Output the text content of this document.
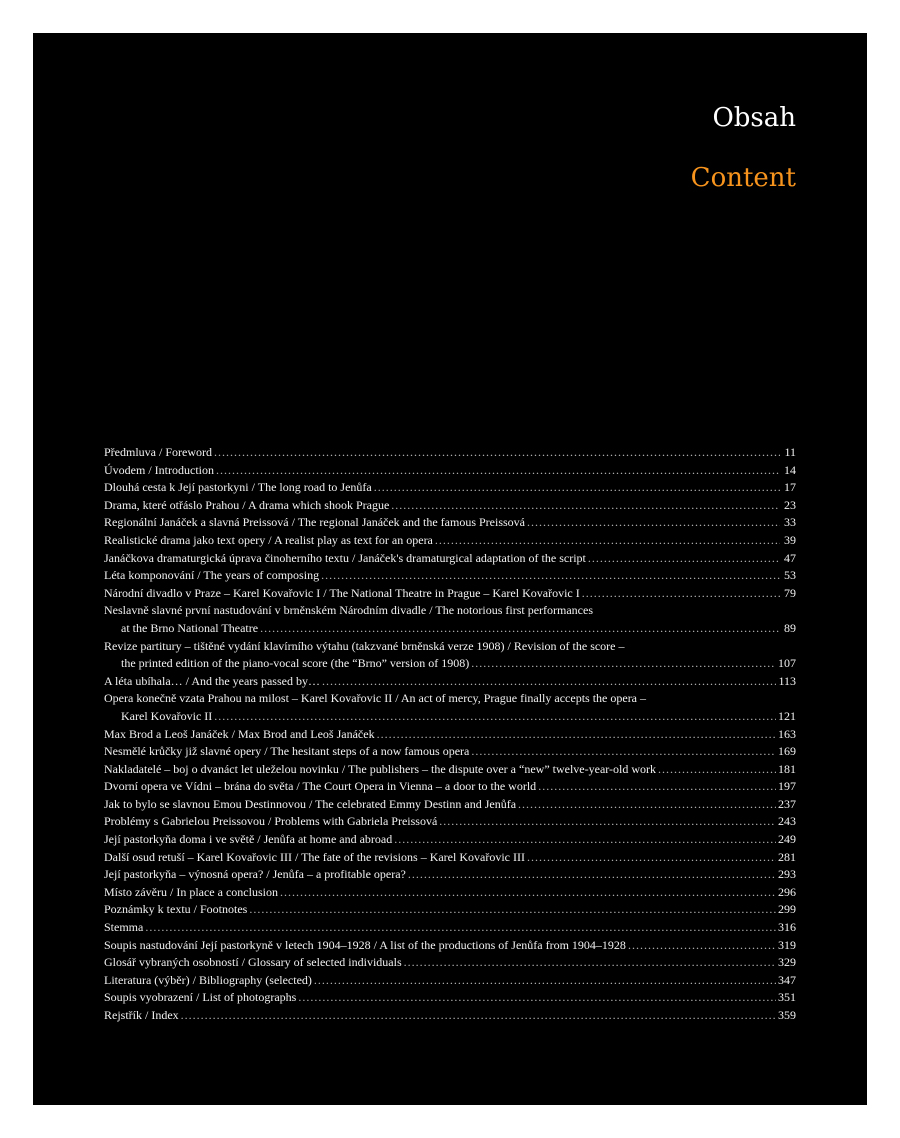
Obsah
Content
Předmluva / Foreword .....	11
Úvodem / Introduction .....	14
Dlouhá cesta k Její pastorkyni / The long road to Jenůfa .....	17
Drama, které otřáslo Prahou / A drama which shook Prague .....	23
Regionální Janáček a slavná Preissová / The regional Janáček and the famous Preissová .....	33
Realistické drama jako text opery / A realist play as text for an opera .....	39
Janáčkova dramaturgická úprava činoherního textu / Janáček's dramaturgical adaptation of the script .....	47
Léta komponování / The years of composing .....	53
Národní divadlo v Praze – Karel Kovařovic I / The National Theatre in Prague – Karel Kovařovic I .....	79
Neslavně slavné první nastudování v brněnském Národním divadle / The notorious first performances
at the Brno National Theatre .....	89
Revize partitury – tištěné vydání klavírního výtahu (takzvané brněnská verze 1908) / Revision of the score –
the printed edition of the piano-vocal score (the “Brno” version of 1908) .....	107
A léta ubíhala… / And the years passed by… .....	113
Opera konečně vzata Prahou na milost – Karel Kovařovic II / An act of mercy, Prague finally accepts the opera –
Karel Kovařovic II .....	121
Max Brod a Leoš Janáček / Max Brod and Leoš Janáček .....	163
Nesmělé krůčky již slavné opery / The hesitant steps of a now famous opera .....	169
Nakladatelé – boj o dvanáct let uleželou novinku / The publishers – the dispute over a “new” twelve-year-old work .....	181
Dvorní opera ve Vídni – brána do světa / The Court Opera in Vienna – a door to the world .....	197
Jak to bylo se slavnou Emou Destinnovou / The celebrated Emmy Destinn and Jenůfa .....	237
Problémy s Gabrielou Preissovou / Problems with Gabriela Preissová .....	243
Její pastorkyňa doma i ve světě / Jenůfa at home and abroad .....	249
Další osud retuší – Karel Kovařovic III / The fate of the revisions – Karel Kovařovic III .....	281
Její pastorkyňa – výnosná opera? / Jenůfa – a profitable opera? .....	293
Místo závěru / In place a conclusion .....	296
Poznámky k textu / Footnotes .....	299
Stemma .....	316
Soupis nastudování Její pastorkyně v letech 1904–1928 / A list of the productions of Jenůfa from 1904–1928 .....	319
Glosář vybraných osobností / Glossary of selected individuals .....	329
Literatura (výběr) / Bibliography (selected) .....	347
Soupis vyobrazení / List of photographs .....	351
Rejstřík / Index .....	359
